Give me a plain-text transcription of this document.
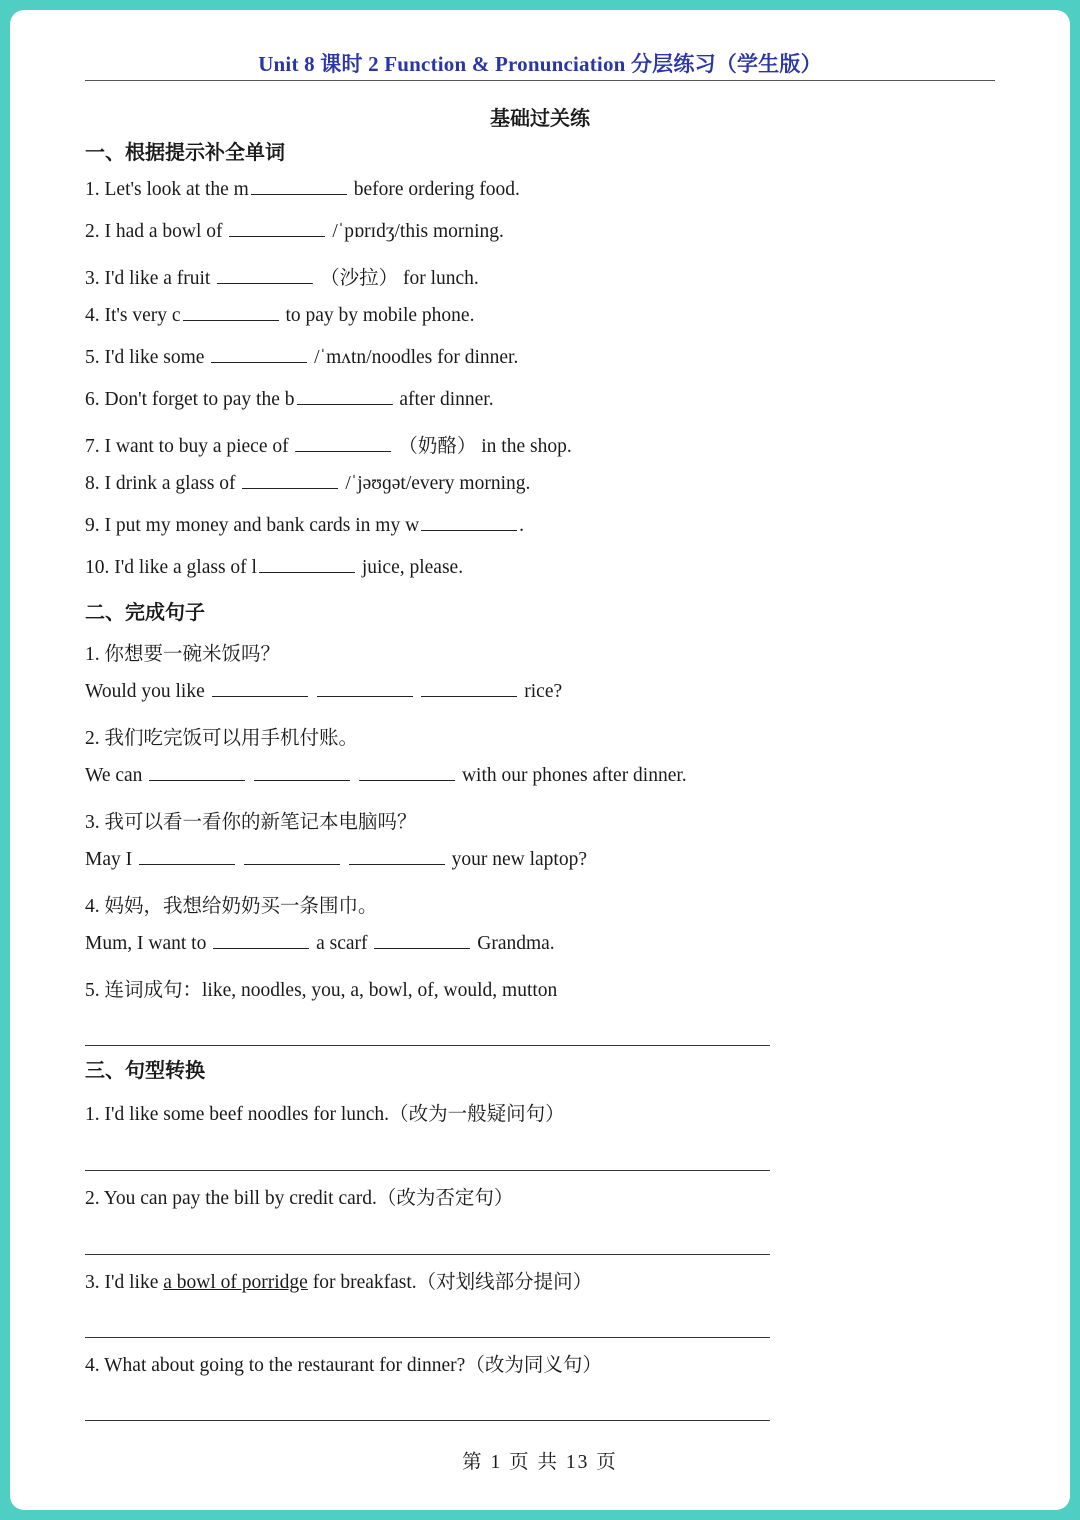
Unit 8 课时 2 Function & Pronunciation 分层练习（学生版）
基础过关练
一、根据提示补全单词
1. Let's look at the m	before ordering food.
2. I had a bowl of	/ˈpɒrɪdʒ/this morning.
3. I'd like a fruit	（沙拉） for lunch.
4. It's very c	to pay by mobile phone.
5. I'd like some	/ˈmʌtn/noodles for dinner.
6. Don't forget to pay the b	after dinner.
7. I want to buy a piece of	（奶酪） in the shop.
8. I drink a glass of	/ˈjəʊɡət/every morning.
9. I put my money and bank cards in my w	.
10. I'd like a glass of l	juice, please.
二、完成句子
1. 你想要一碗米饭吗？
Would you like	rice?
2. 我们吃完饭可以用手机付账。
We can	with our phones after dinner.
3. 我可以看一看你的新笔记本电脑吗？
May I	your new laptop?
4. 妈妈，我想给奶奶买一条围巾。
Mum, I want to	a scarf	Grandma.
5. 连词成句：like, noodles, you, a, bowl, of, would, mutton
三、句型转换
1. I'd like some beef noodles for lunch.（改为一般疑问句）
2. You can pay the bill by credit card.（改为否定句）
3. I'd like a bowl of porridge for breakfast.（对划线部分提问）
4. What about going to the restaurant for dinner?（改为同义句）
第 1 页 共 13 页
